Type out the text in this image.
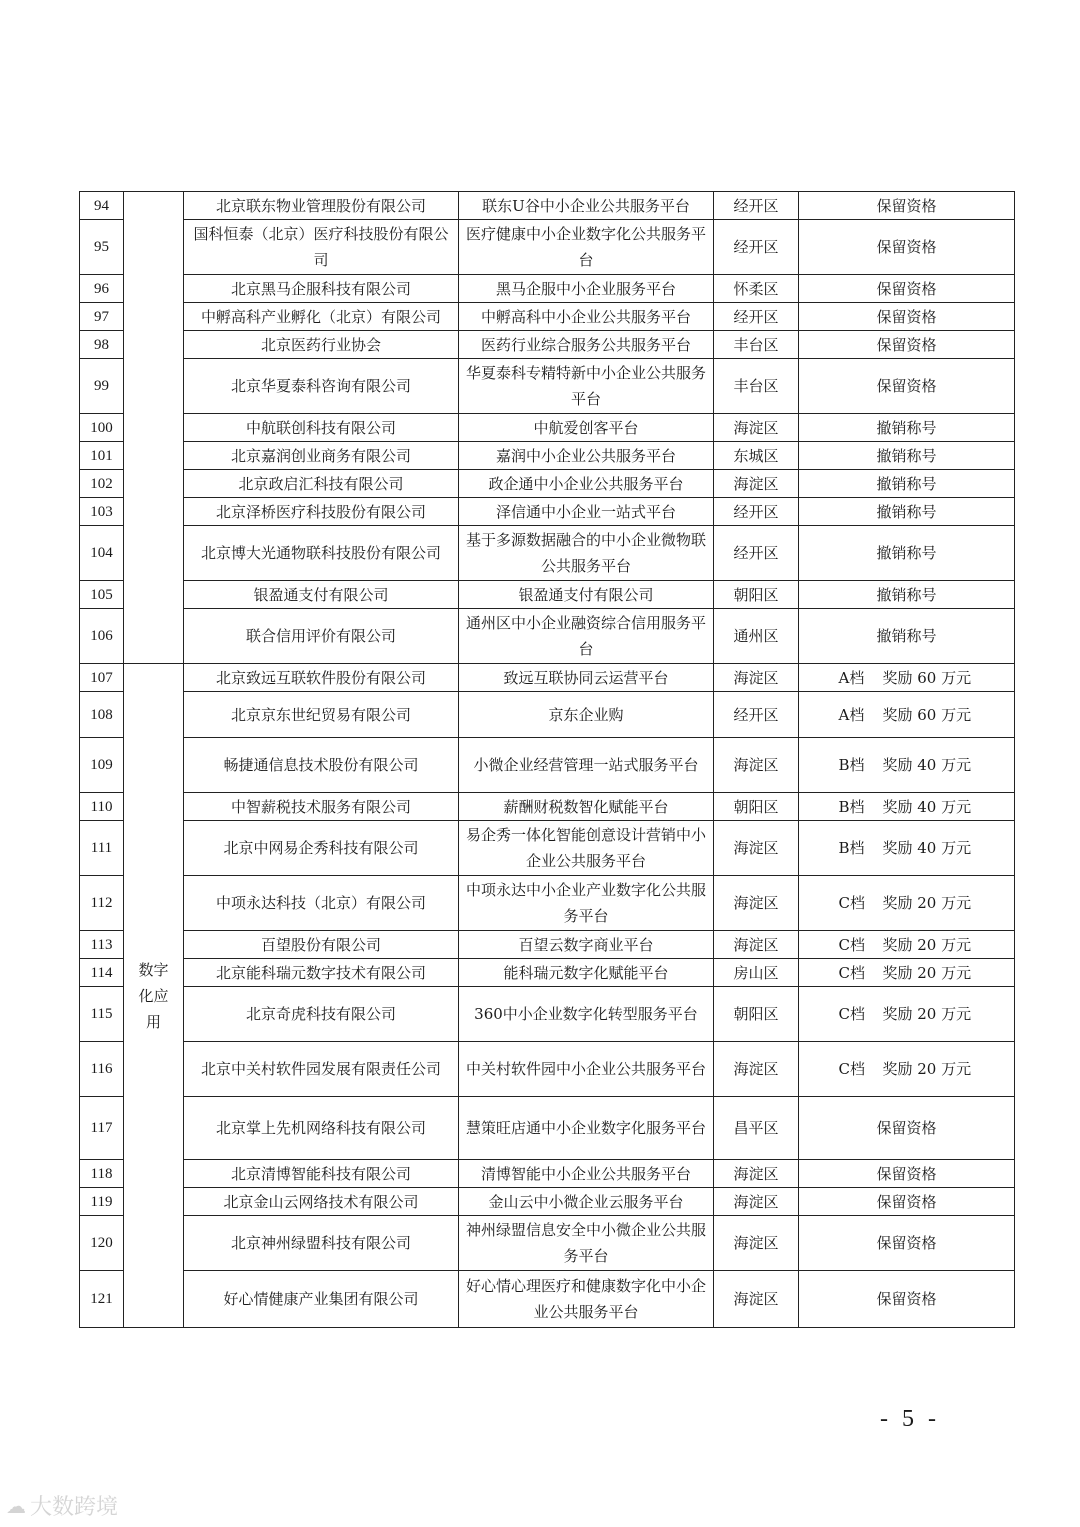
94		北京联东物业管理股份有限公司	联东U谷中小企业公共服务平台	经开区	保留资格
95		国科恒泰（北京）医疗科技股份有限公司	医疗健康中小企业数字化公共服务平台	经开区	保留资格
96		北京黑马企服科技有限公司	黑马企服中小企业服务平台	怀柔区	保留资格
97		中孵高科产业孵化（北京）有限公司	中孵高科中小企业公共服务平台	经开区	保留资格
98		北京医药行业协会	医药行业综合服务公共服务平台	丰台区	保留资格
99		北京华夏泰科咨询有限公司	华夏泰科专精特新中小企业公共服务平台	丰台区	保留资格
100		中航联创科技有限公司	中航爱创客平台	海淀区	撤销称号
101		北京嘉润创业商务有限公司	嘉润中小企业公共服务平台	东城区	撤销称号
102		北京政启汇科技有限公司	政企通中小企业公共服务平台	海淀区	撤销称号
103		北京泽桥医疗科技股份有限公司	泽信通中小企业一站式平台	经开区	撤销称号
104		北京博大光通物联科技股份有限公司	基于多源数据融合的中小企业微物联公共服务平台	经开区	撤销称号
105		银盈通支付有限公司	银盈通支付有限公司	朝阳区	撤销称号
106		联合信用评价有限公司	通州区中小企业融资综合信用服务平台	通州区	撤销称号
107	数字化应用	北京致远互联软件股份有限公司	致远互联协同云运营平台	海淀区	A档 奖励 60 万元
108		北京京东世纪贸易有限公司	京东企业购	经开区	A档 奖励 60 万元
109		畅捷通信息技术股份有限公司	小微企业经营管理一站式服务平台	海淀区	B档 奖励 40 万元
110		中智薪税技术服务有限公司	薪酬财税数智化赋能平台	朝阳区	B档 奖励 40 万元
111		北京中网易企秀科技有限公司	易企秀一体化智能创意设计营销中小企业公共服务平台	海淀区	B档 奖励 40 万元
112		中项永达科技（北京）有限公司	中项永达中小企业产业数字化公共服务平台	海淀区	C档 奖励 20 万元
113		百望股份有限公司	百望云数字商业平台	海淀区	C档 奖励 20 万元
114		北京能科瑞元数字技术有限公司	能科瑞元数字化赋能平台	房山区	C档 奖励 20 万元
115		北京奇虎科技有限公司	360中小企业数字化转型服务平台	朝阳区	C档 奖励 20 万元
116		北京中关村软件园发展有限责任公司	中关村软件园中小企业公共服务平台	海淀区	C档 奖励 20 万元
117		北京掌上先机网络科技有限公司	慧策旺店通中小企业数字化服务平台	昌平区	保留资格
118		北京清博智能科技有限公司	清博智能中小企业公共服务平台	海淀区	保留资格
119		北京金山云网络技术有限公司	金山云中小微企业云服务平台	海淀区	保留资格
120		北京神州绿盟科技有限公司	神州绿盟信息安全中小微企业公共服务平台	海淀区	保留资格
121		好心情健康产业集团有限公司	好心情心理医疗和健康数字化中小企业公共服务平台	海淀区	保留资格
- 5 -
☁ 大数跨境
